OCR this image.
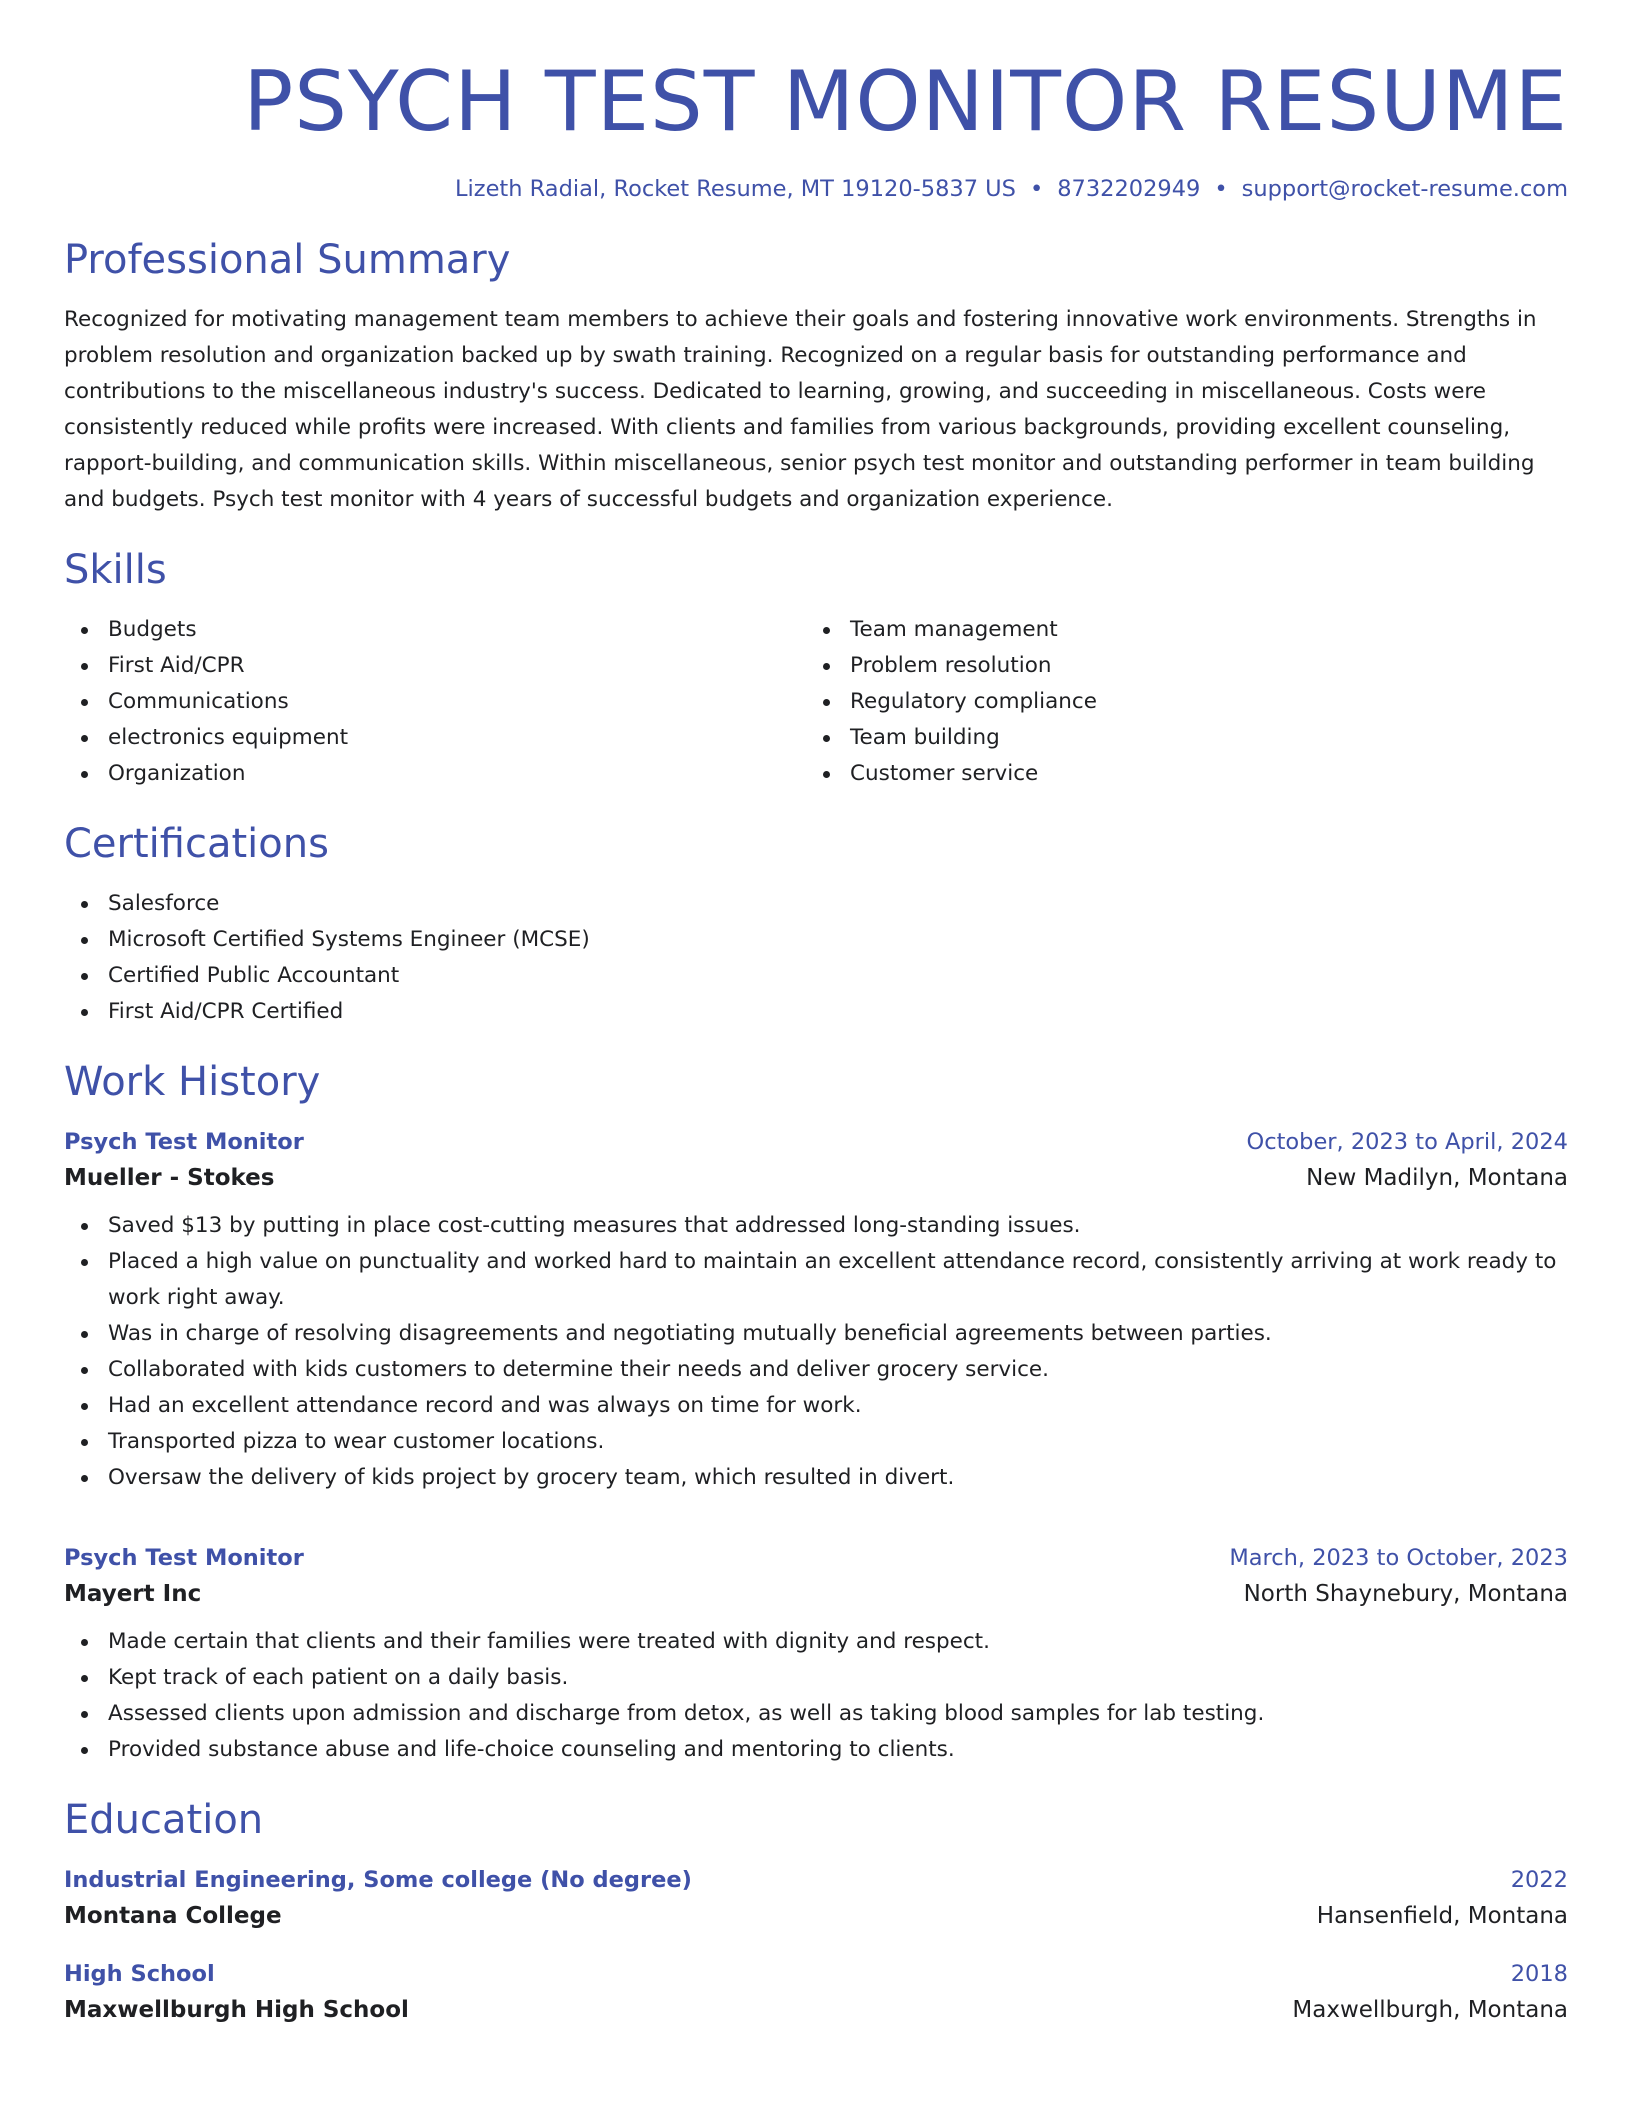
PSYCH TEST MONITOR RESUME
Lizeth Radial, Rocket Resume, MT 19120-5837 US • 8732202949 • support@rocket-resume.com
Professional Summary

Recognized for motivating management team members to achieve their goals and fostering innovative work environments. Strengths in problem resolution and organization backed up by swath training. Recognized on a regular basis for outstanding performance and contributions to the miscellaneous industry's success. Dedicated to learning, growing, and succeeding in miscellaneous. Costs were consistently reduced while profits were increased. With clients and families from various backgrounds, providing excellent counseling, rapport-building, and communication skills. Within miscellaneous, senior psych test monitor and outstanding performer in team building and budgets. Psych test monitor with 4 years of successful budgets and organization experience.

Skills
Budgets
First Aid/CPR
Communications
electronics equipment
Organization
Team management
Problem resolution
Regulatory compliance
Team building
Customer service
Certifications
Salesforce
Microsoft Certified Systems Engineer (MCSE)
Certified Public Accountant
First Aid/CPR Certified
Work History
Psych Test Monitor	October, 2023 to April, 2024
Mueller - Stokes	New Madilyn, Montana
Saved $13 by putting in place cost-cutting measures that addressed long-standing issues.
Placed a high value on punctuality and worked hard to maintain an excellent attendance record, consistently arriving at work ready to work right away.
Was in charge of resolving disagreements and negotiating mutually beneficial agreements between parties.
Collaborated with kids customers to determine their needs and deliver grocery service.
Had an excellent attendance record and was always on time for work.
Transported pizza to wear customer locations.
Oversaw the delivery of kids project by grocery team, which resulted in divert.
Psych Test Monitor	March, 2023 to October, 2023
Mayert Inc	North Shaynebury, Montana
Made certain that clients and their families were treated with dignity and respect.
Kept track of each patient on a daily basis.
Assessed clients upon admission and discharge from detox, as well as taking blood samples for lab testing.
Provided substance abuse and life-choice counseling and mentoring to clients.
Education
Industrial Engineering, Some college (No degree)	2022
Montana College	Hansenfield, Montana
High School	2018
Maxwellburgh High School	Maxwellburgh, Montana
